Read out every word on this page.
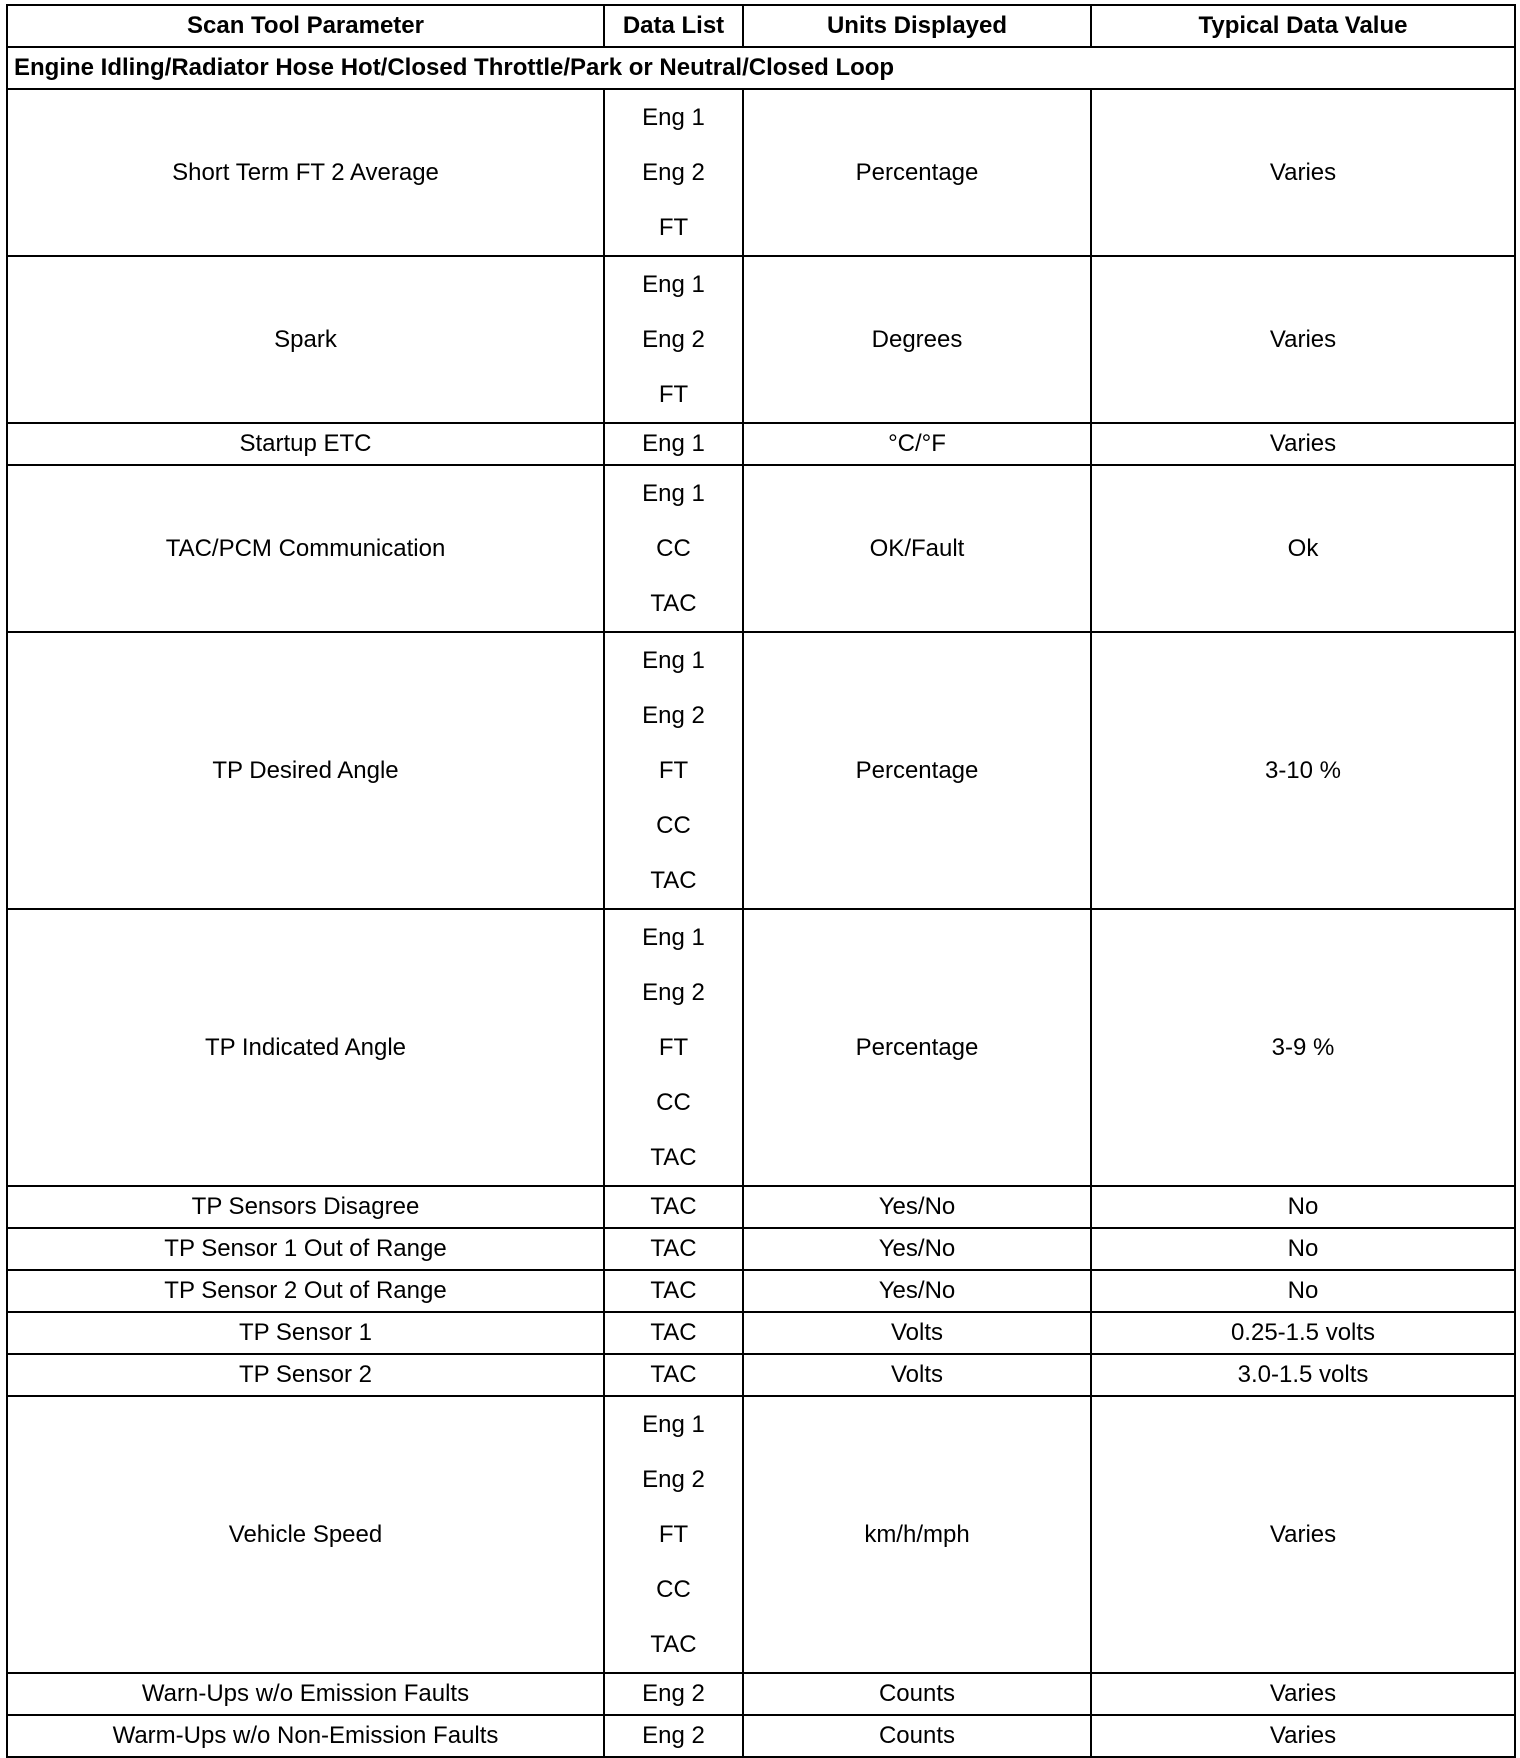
Scan Tool Parameter	Data List	Units Displayed	Typical Data Value
Engine Idling/Radiator Hose Hot/Closed Throttle/Park or Neutral/Closed Loop			
Short Term FT 2 Average	Eng 1
Eng 2
FT	Percentage	Varies
Spark	Eng 1
Eng 2
FT	Degrees	Varies
Startup ETC	Eng 1	°C/°F	Varies
TAC/PCM Communication	Eng 1
CC
TAC	OK/Fault	Ok
TP Desired Angle	Eng 1
Eng 2
FT
CC
TAC	Percentage	3-10 %
TP Indicated Angle	Eng 1
Eng 2
FT
CC
TAC	Percentage	3-9 %
TP Sensors Disagree	TAC	Yes/No	No
TP Sensor 1 Out of Range	TAC	Yes/No	No
TP Sensor 2 Out of Range	TAC	Yes/No	No
TP Sensor 1	TAC	Volts	0.25-1.5 volts
TP Sensor 2	TAC	Volts	3.0-1.5 volts
Vehicle Speed	Eng 1
Eng 2
FT
CC
TAC	km/h/mph	Varies
Warn-Ups w/o Emission Faults	Eng 2	Counts	Varies
Warm-Ups w/o Non-Emission Faults	Eng 2	Counts	Varies
